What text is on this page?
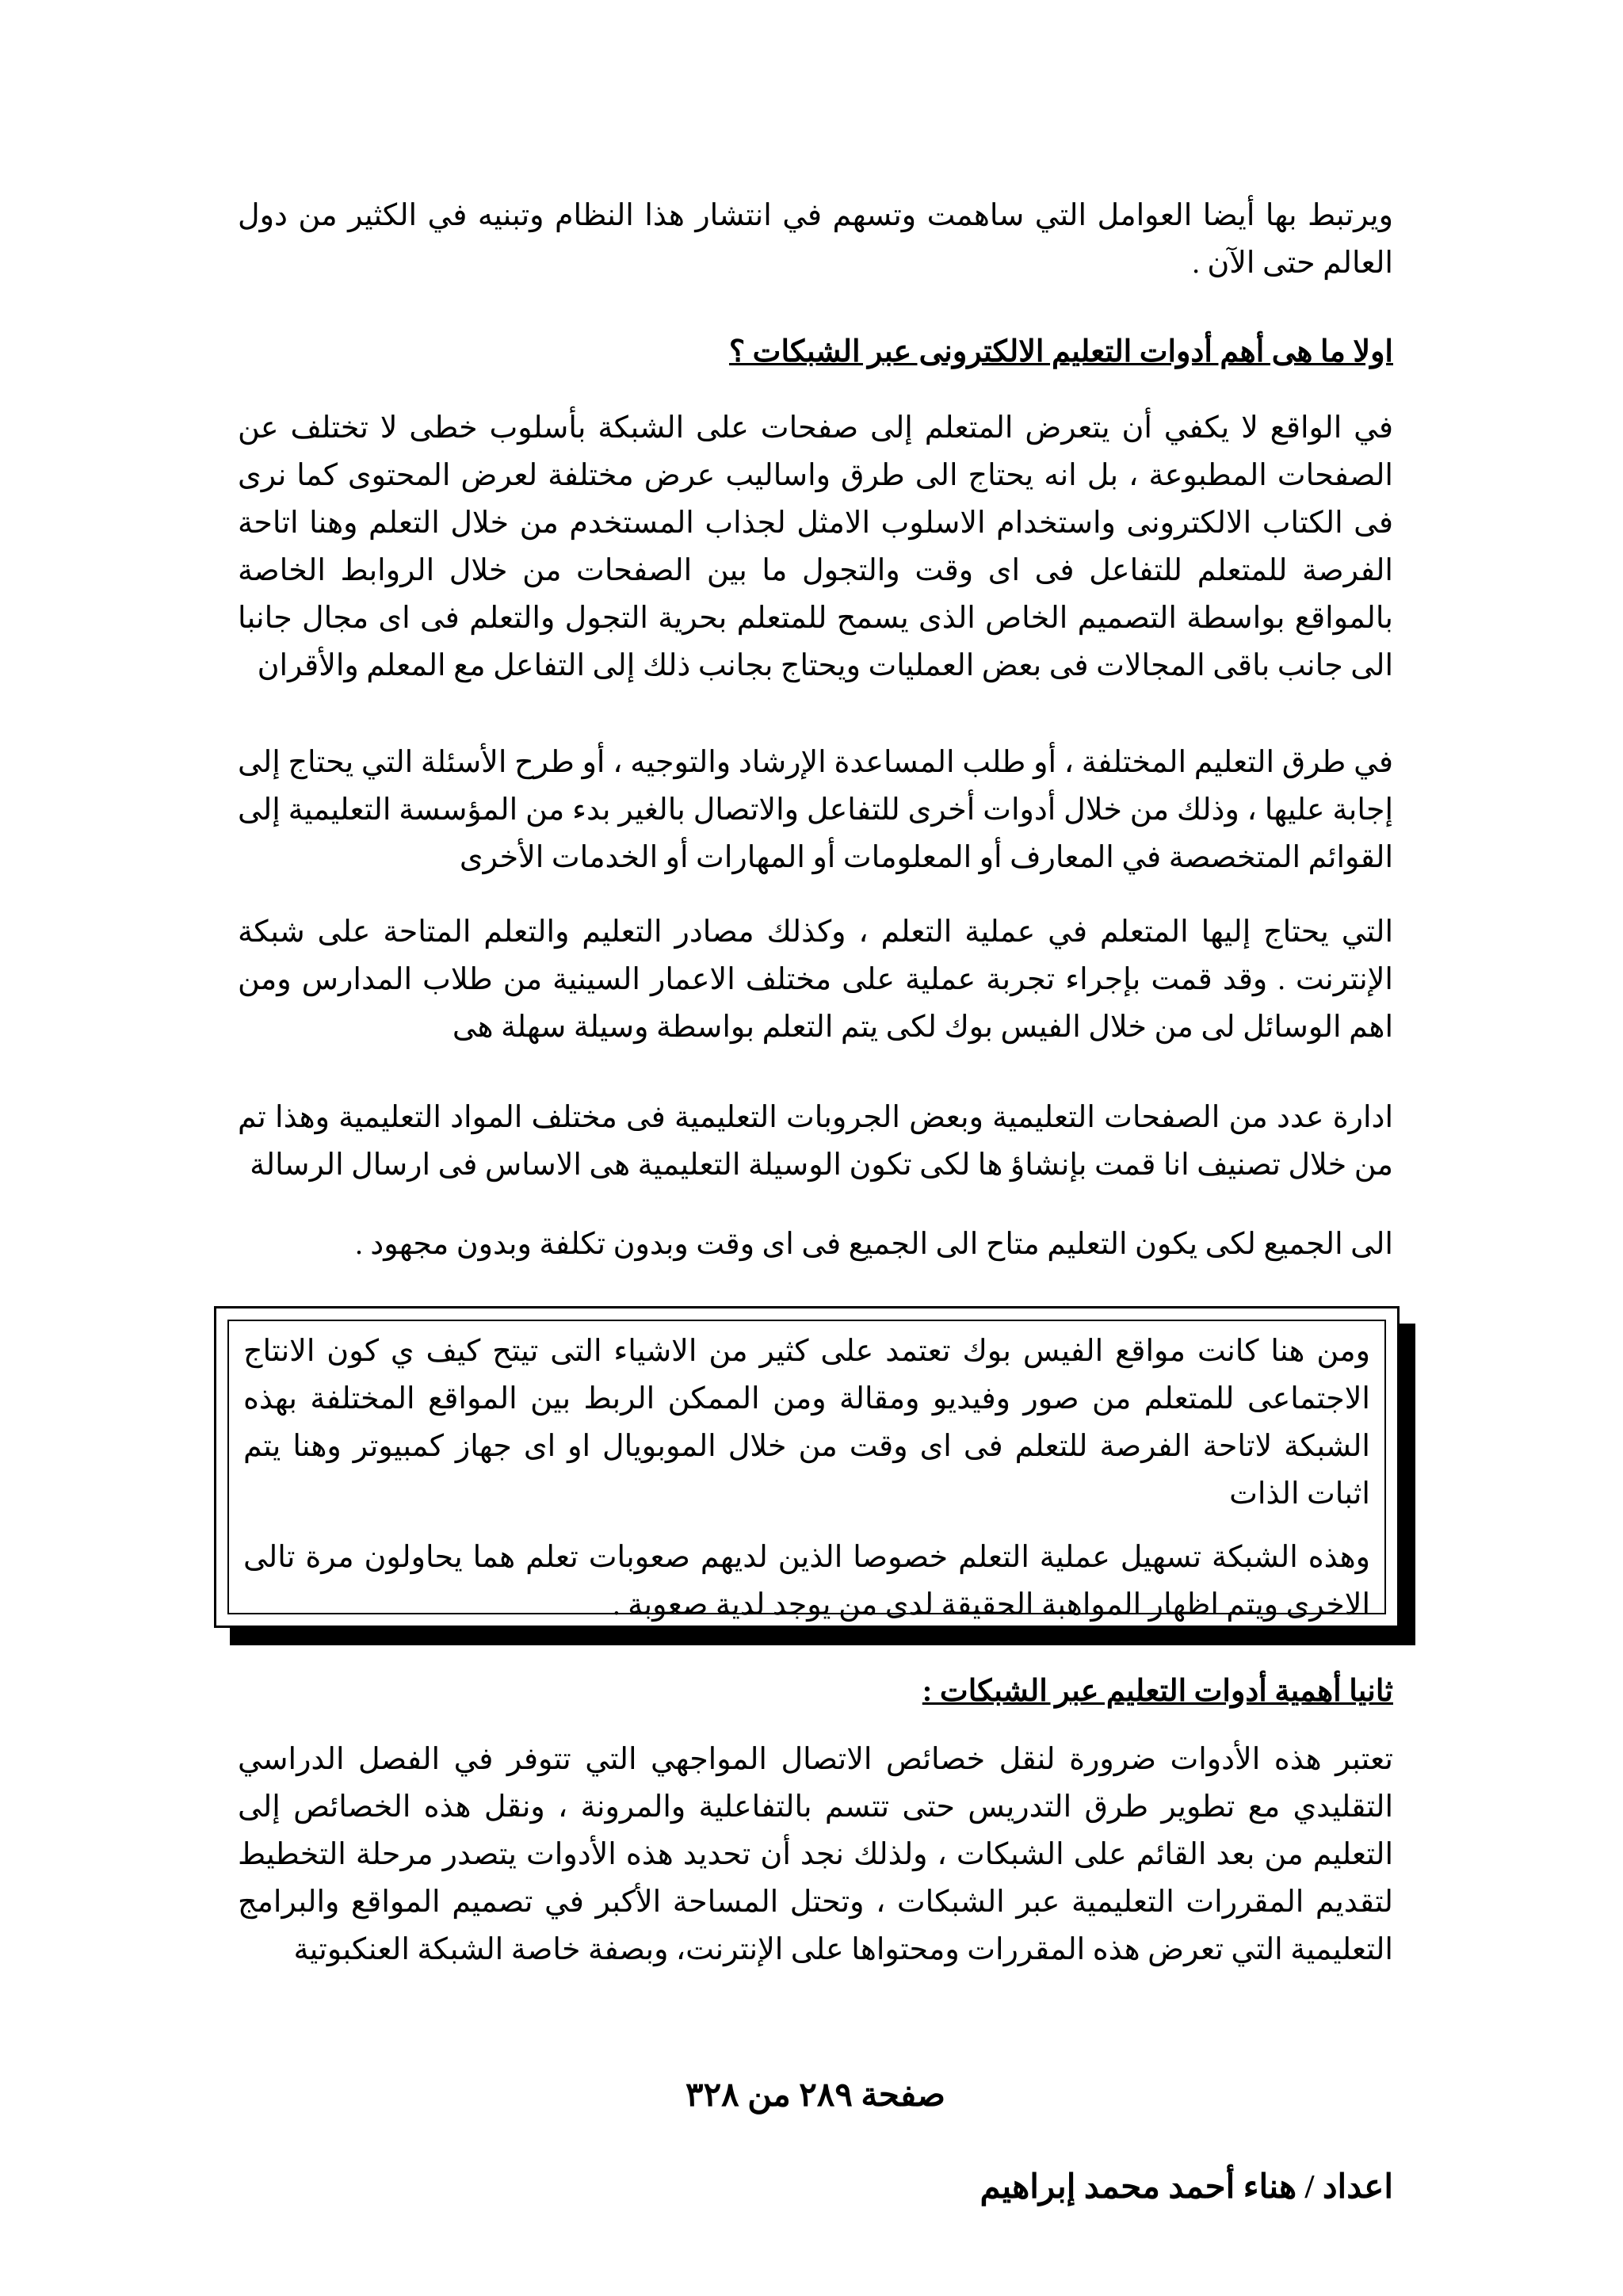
ويرتبط بها أيضا العوامل التي ساهمت وتسهم في انتشار هذا النظام وتبنيه في الكثير من دول العالم حتى الآن .

اولا ما هى أهم أدوات التعليم الالكترونى عبر الشبكات ؟

في الواقع لا يكفي أن يتعرض المتعلم إلى صفحات على الشبكة بأسلوب خطى لا تختلف عن الصفحات المطبوعة ، بل انه يحتاج الى طرق واساليب عرض مختلفة لعرض المحتوى كما نرى فى الكتاب الالكترونى واستخدام الاسلوب الامثل لجذاب المستخدم من خلال التعلم وهنا اتاحة الفرصة للمتعلم للتفاعل فى اى وقت والتجول ما بين الصفحات من خلال الروابط الخاصة بالمواقع بواسطة التصميم الخاص الذى يسمح للمتعلم بحرية التجول والتعلم فى اى مجال جانبا الى جانب باقى المجالات فى بعض العمليات ويحتاج بجانب ذلك إلى التفاعل مع المعلم والأقران

في طرق التعليم المختلفة ، أو طلب المساعدة الإرشاد والتوجيه ، أو طرح الأسئلة التي يحتاج إلى إجابة عليها ، وذلك من خلال أدوات أخرى للتفاعل والاتصال بالغير بدء من المؤسسة التعليمية إلى القوائم المتخصصة في المعارف أو المعلومات أو المهارات أو الخدمات الأخرى

التي يحتاج إليها المتعلم في عملية التعلم ، وكذلك مصادر التعليم والتعلم المتاحة على شبكة الإنترنت . وقد قمت بإجراء تجربة عملية على مختلف الاعمار السينية من طلاب المدارس ومن اهم الوسائل لى من خلال الفيس بوك لكى يتم التعلم بواسطة وسيلة سهلة هى

ادارة عدد من الصفحات التعليمية وبعض الجروبات التعليمية فى مختلف المواد التعليمية وهذا تم من خلال تصنيف انا قمت بإنشاؤ ها لكى تكون الوسيلة التعليمية هى الاساس فى ارسال الرسالة

الى الجميع لكى يكون التعليم متاح الى الجميع فى اى وقت وبدون تكلفة وبدون مجهود .

ومن هنا كانت مواقع الفيس بوك تعتمد على كثير من الاشياء التى تيتح كيف ي كون الانتاج الاجتماعى للمتعلم من صور وفيديو ومقالة ومن الممكن الربط بين المواقع المختلفة بهذه الشبكة لاتاحة الفرصة للتعلم فى اى وقت من خلال الموبويال او اى جهاز كمبيوتر وهنا يتم اثبات الذات

وهذه الشبكة تسهيل عملية التعلم خصوصا الذين لديهم صعوبات تعلم هما يحاولون مرة تالى الاخرى ويتم اظهار المواهبة الحقيقة لدى من يوجد لدية صعوبة .

ثانيا أهمية أدوات التعليم عبر الشبكات :

تعتبر هذه الأدوات ضرورة لنقل خصائص الاتصال المواجهي التي تتوفر في الفصل الدراسي التقليدي مع تطوير طرق التدريس حتى تتسم بالتفاعلية والمرونة ، ونقل هذه الخصائص إلى التعليم من بعد القائم على الشبكات ، ولذلك نجد أن تحديد هذه الأدوات يتصدر مرحلة التخطيط لتقديم المقررات التعليمية عبر الشبكات ، وتحتل المساحة الأكبر في تصميم المواقع والبرامج التعليمية التي تعرض هذه المقررات ومحتواها على الإنترنت، وبصفة خاصة الشبكة العنكبوتية

صفحة ٢٨٩ من ٣٢٨

اعداد / هناء أحمد محمد إبراهيم
